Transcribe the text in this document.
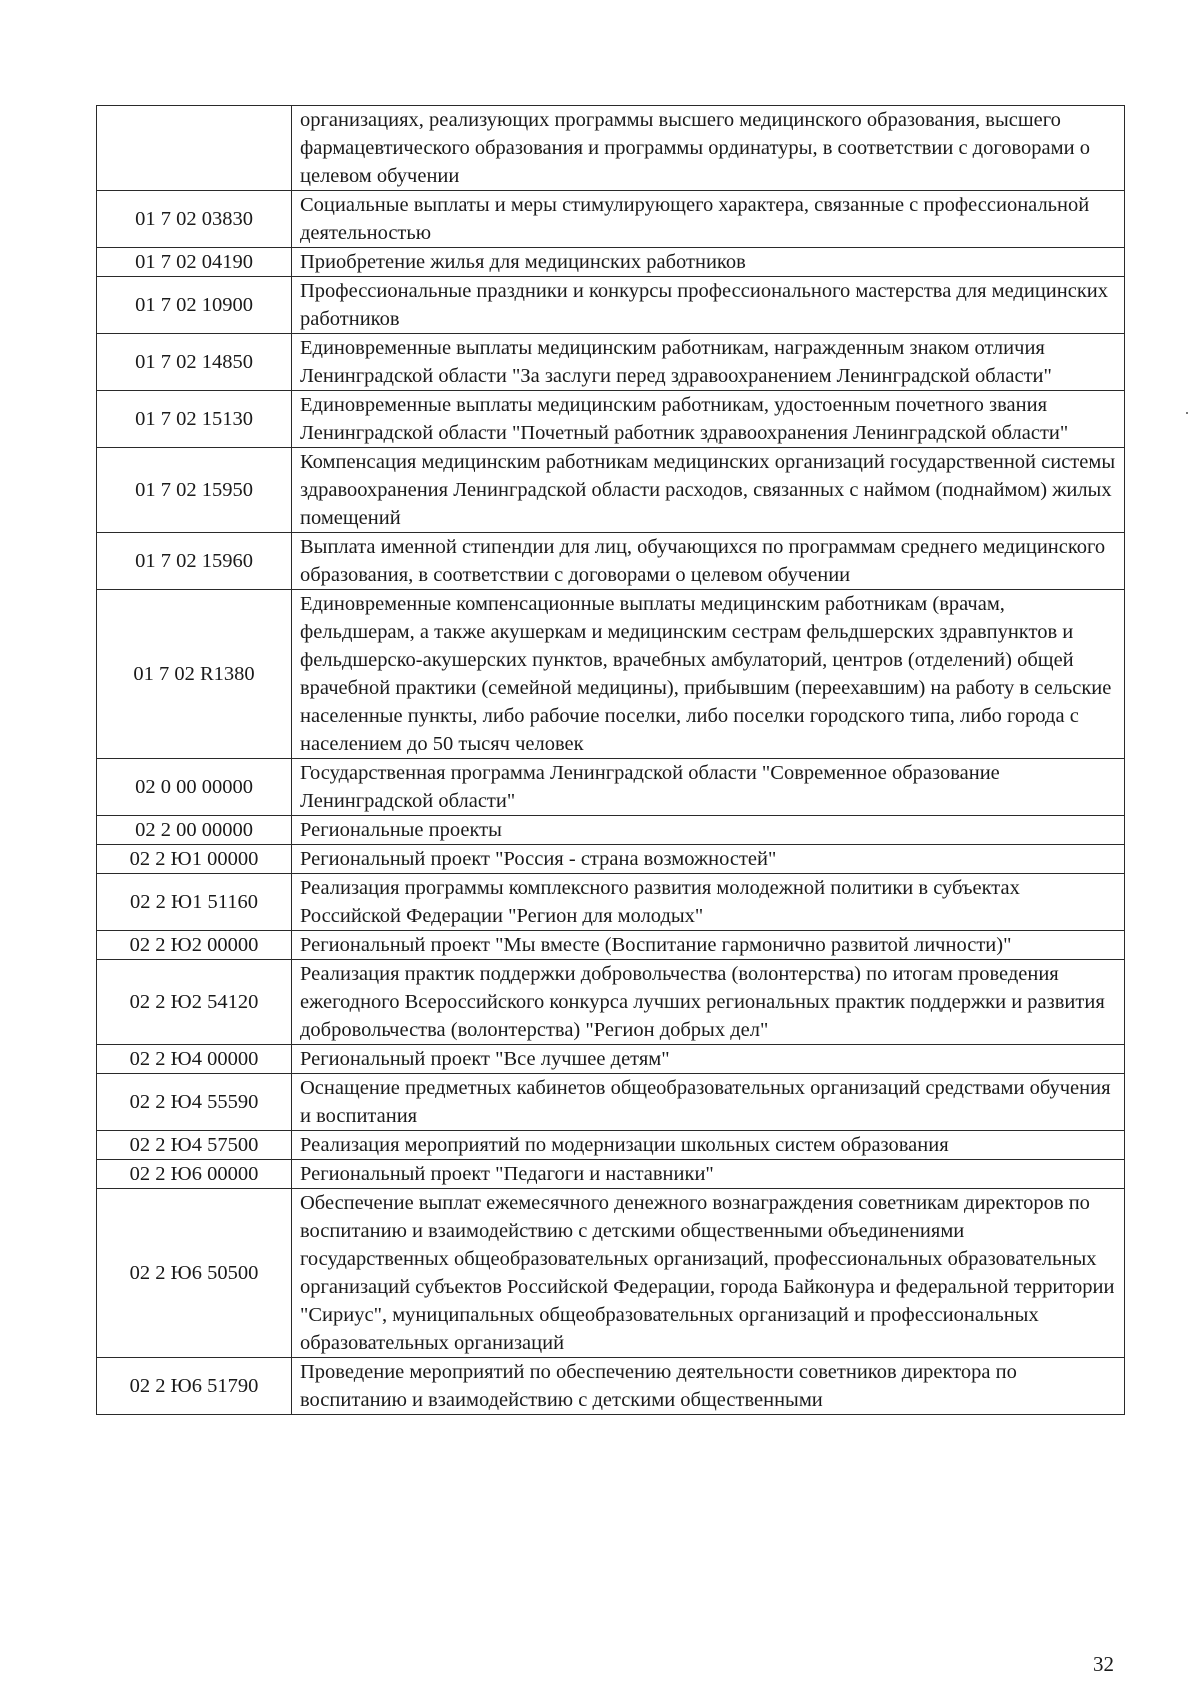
	организациях, реализующих программы высшего медицинского образования, высшего фармацевтического образования и программы ординатуры, в соответствии с договорами о целевом обучении
01 7 02 03830	Социальные выплаты и меры стимулирующего характера, связанные с профессиональной деятельностью
01 7 02 04190	Приобретение жилья для медицинских работников
01 7 02 10900	Профессиональные праздники и конкурсы профессионального мастерства для медицинских работников
01 7 02 14850	Единовременные выплаты медицинским работникам, награжденным знаком отличия Ленинградской области "За заслуги перед здравоохранением Ленинградской области"
01 7 02 15130	Единовременные выплаты медицинским работникам, удостоенным почетного звания Ленинградской области "Почетный работник здравоохранения Ленинградской области"
01 7 02 15950	Компенсация медицинским работникам медицинских организаций государственной системы здравоохранения Ленинградской области расходов, связанных с наймом (поднаймом) жилых помещений
01 7 02 15960	Выплата именной стипендии для лиц, обучающихся по программам среднего медицинского образования, в соответствии с договорами о целевом обучении
01 7 02 R1380	Единовременные компенсационные выплаты медицинским работникам (врачам, фельдшерам, а также акушеркам и медицинским сестрам фельдшерских здравпунктов и фельдшерско-акушерских пунктов, врачебных амбулаторий, центров (отделений) общей врачебной практики (семейной медицины), прибывшим (переехавшим) на работу в сельские населенные пункты, либо рабочие поселки, либо поселки городского типа, либо города с населением до 50 тысяч человек
02 0 00 00000	Государственная программа Ленинградской области "Современное образование Ленинградской области"
02 2 00 00000	Региональные проекты
02 2 Ю1 00000	Региональный проект "Россия - страна возможностей"
02 2 Ю1 51160	Реализация программы комплексного развития молодежной политики в субъектах Российской Федерации "Регион для молодых"
02 2 Ю2 00000	Региональный проект "Мы вместе (Воспитание гармонично развитой личности)"
02 2 Ю2 54120	Реализация практик поддержки добровольчества (волонтерства) по итогам проведения ежегодного Всероссийского конкурса лучших региональных практик поддержки и развития добровольчества (волонтерства) "Регион добрых дел"
02 2 Ю4 00000	Региональный проект "Все лучшее детям"
02 2 Ю4 55590	Оснащение предметных кабинетов общеобразовательных организаций средствами обучения и воспитания
02 2 Ю4 57500	Реализация мероприятий по модернизации школьных систем образования
02 2 Ю6 00000	Региональный проект "Педагоги и наставники"
02 2 Ю6 50500	Обеспечение выплат ежемесячного денежного вознаграждения советникам директоров по воспитанию и взаимодействию с детскими общественными объединениями государственных общеобразовательных организаций, профессиональных образовательных организаций субъектов Российской Федерации, города Байконура и федеральной территории "Сириус", муниципальных общеобразовательных организаций и профессиональных образовательных организаций
02 2 Ю6 51790	Проведение мероприятий по обеспечению деятельности советников директора по воспитанию и взаимодействию с детскими общественными
32
